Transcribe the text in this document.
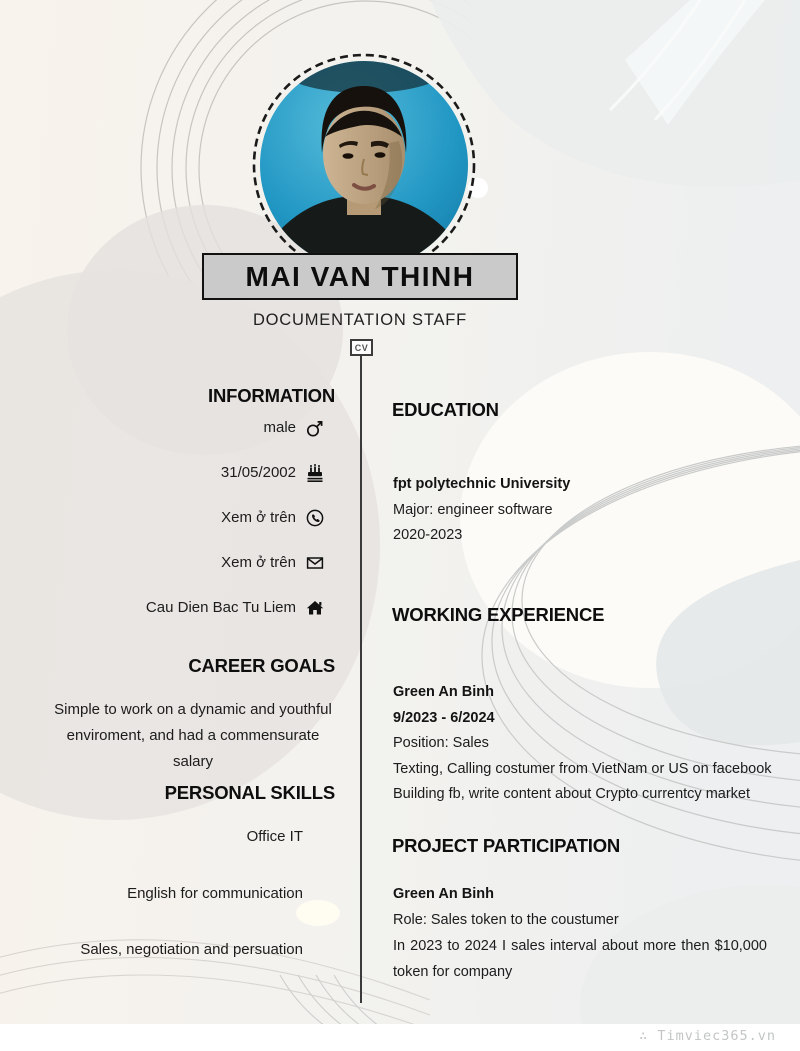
MAI VAN THINH
DOCUMENTATION STAFF
CV
INFORMATION
male
31/05/2002
Xem ở trên
Xem ở trên
Cau Dien Bac Tu Liem
CAREER GOALS
Simple to work on a dynamic and youthful
enviroment, and had a commensurate salary
PERSONAL SKILLS
Office IT
English for communication
Sales, negotiation and persuation
EDUCATION
fpt polytechnic University
Major: engineer software
2020-2023
WORKING EXPERIENCE
Green An Binh
9/2023 - 6/2024
Position: Sales
Texting, Calling costumer from VietNam or US on facebook
Building fb, write content about Crypto currentcy market
PROJECT PARTICIPATION
Green An Binh
Role: Sales token to the coustumer
In 2023 to 2024 I sales interval about more then $10,000
token for company
∴ Timviec365.vn
